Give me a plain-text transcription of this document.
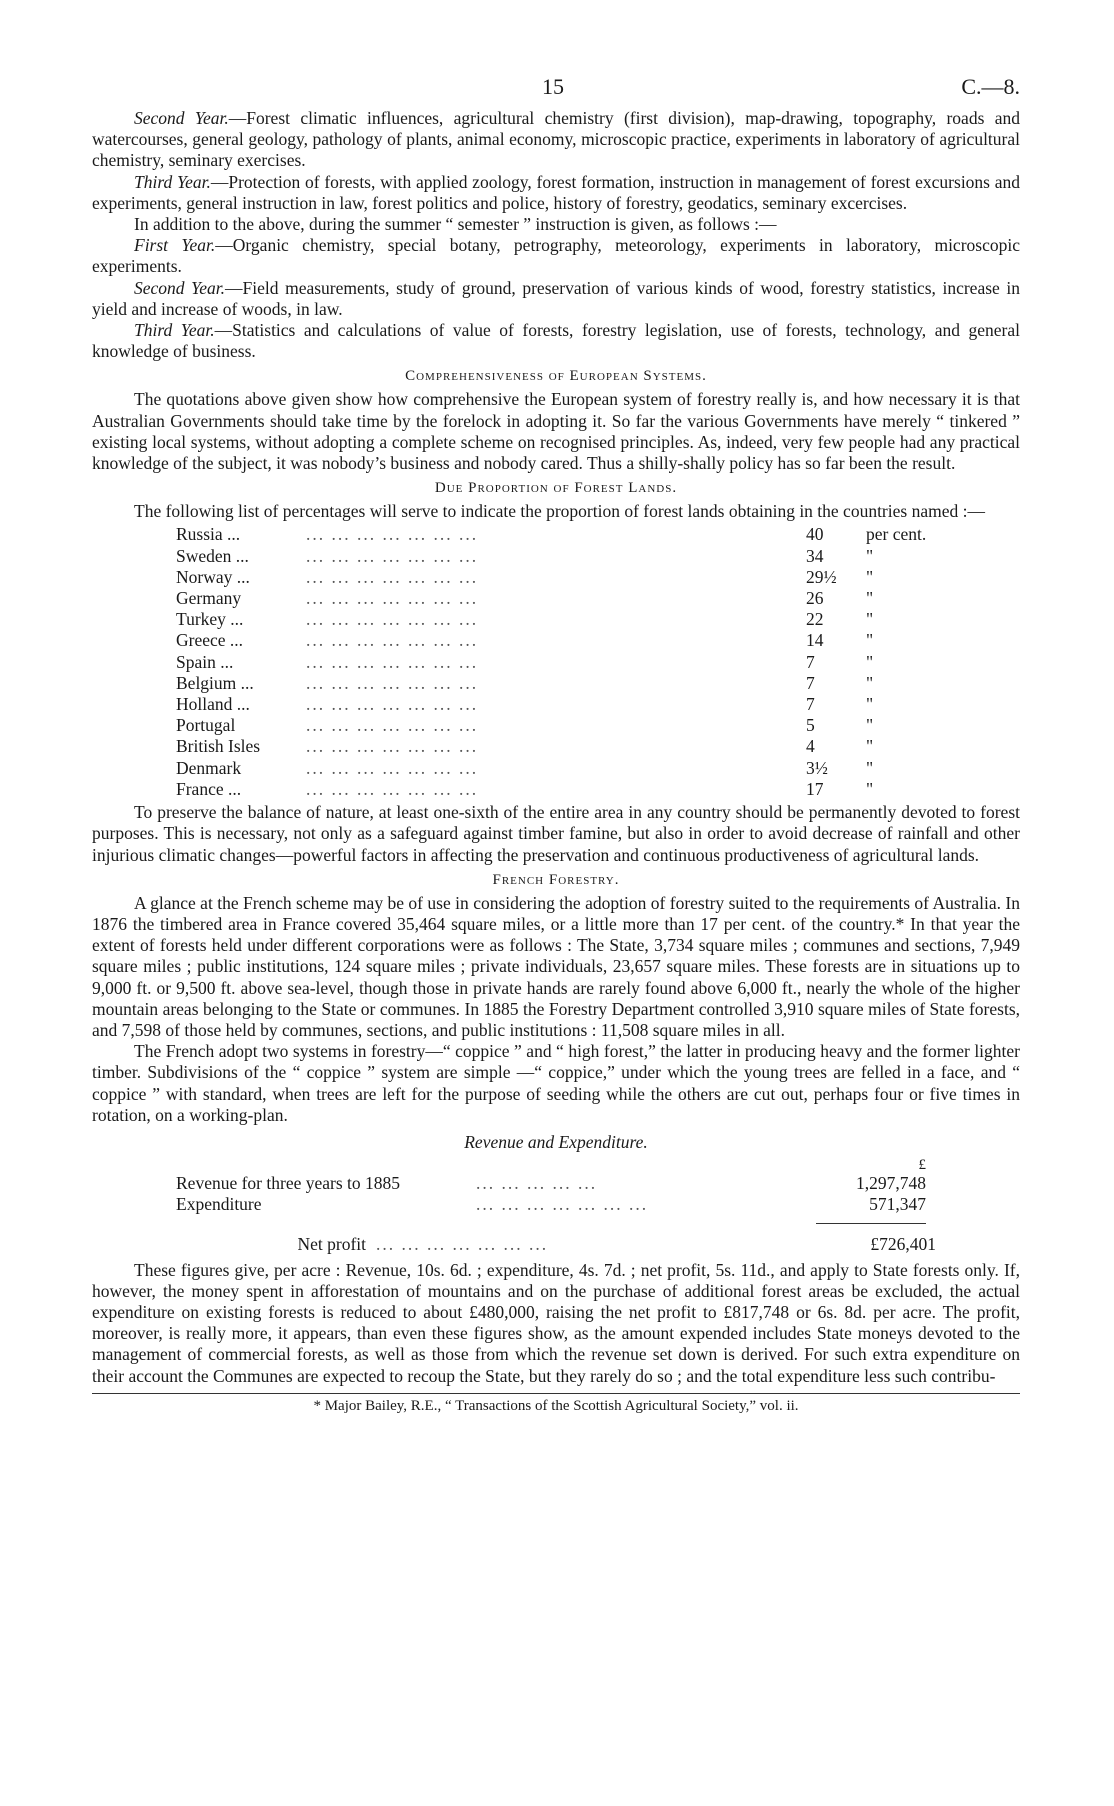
15	C.—8.

Second Year.—Forest climatic influences, agricultural chemistry (first division), map-drawing, topography, roads and watercourses, general geology, pathology of plants, animal economy, microscopic practice, experiments in laboratory of agricultural chemistry, seminary exercises.

Third Year.—Protection of forests, with applied zoology, forest formation, instruction in management of forest excursions and experiments, general instruction in law, forest politics and police, history of forestry, geodatics, seminary excercises.

In addition to the above, during the summer “ semester ” instruction is given, as follows :—

First Year.—Organic chemistry, special botany, petrography, meteorology, experiments in laboratory, microscopic experiments.

Second Year.—Field measurements, study of ground, preservation of various kinds of wood, forestry statistics, increase in yield and increase of woods, in law.

Third Year.—Statistics and calculations of value of forests, forestry legislation, use of forests, technology, and general knowledge of business.

Comprehensiveness of European Systems.

The quotations above given show how comprehensive the European system of forestry really is, and how necessary it is that Australian Governments should take time by the forelock in adopting it. So far the various Governments have merely “ tinkered ” existing local systems, without adopting a complete scheme on recognised principles. As, indeed, very few people had any practical knowledge of the subject, it was nobody’s business and nobody cared. Thus a shilly-shally policy has so far been the result.

Due Proportion of Forest Lands.

The following list of percentages will serve to indicate the proportion of forest lands obtaining in the countries named :—

Russia ...	... ... ... ... ... ... ...	40	per cent.
Sweden ...	... ... ... ... ... ... ...	34	"
Norway ...	... ... ... ... ... ... ...	29½	"
Germany	... ... ... ... ... ... ...	26	"
Turkey ...	... ... ... ... ... ... ...	22	"
Greece ...	... ... ... ... ... ... ...	14	"
Spain ...	... ... ... ... ... ... ...	7	"
Belgium ...	... ... ... ... ... ... ...	7	"
Holland ...	... ... ... ... ... ... ...	7	"
Portugal	... ... ... ... ... ... ...	5	"
British Isles	... ... ... ... ... ... ...	4	"
Denmark	... ... ... ... ... ... ...	3½	"
France ...	... ... ... ... ... ... ...	17	"

To preserve the balance of nature, at least one-sixth of the entire area in any country should be permanently devoted to forest purposes. This is necessary, not only as a safeguard against timber famine, but also in order to avoid decrease of rainfall and other injurious climatic changes—powerful factors in affecting the preservation and continuous productiveness of agricultural lands.

French Forestry.

A glance at the French scheme may be of use in considering the adoption of forestry suited to the requirements of Australia. In 1876 the timbered area in France covered 35,464 square miles, or a little more than 17 per cent. of the country.* In that year the extent of forests held under different corporations were as follows : The State, 3,734 square miles ; communes and sections, 7,949 square miles ; public institutions, 124 square miles ; private individuals, 23,657 square miles. These forests are in situations up to 9,000 ft. or 9,500 ft. above sea-level, though those in private hands are rarely found above 6,000 ft., nearly the whole of the higher mountain areas belonging to the State or communes. In 1885 the Forestry Department controlled 3,910 square miles of State forests, and 7,598 of those held by communes, sections, and public institutions : 11,508 square miles in all.

The French adopt two systems in forestry—“ coppice ” and “ high forest,” the latter in producing heavy and the former lighter timber. Subdivisions of the “ coppice ” system are simple —“ coppice,” under which the young trees are felled in a face, and “ coppice ” with standard, when trees are left for the purpose of seeding while the others are cut out, perhaps four or five times in rotation, on a working-plan.

Revenue and Expenditure.
£
Revenue for three years to 1885	... ... ... ... ...	1,297,748
Expenditure	... ... ... ... ... ... ...	571,347
Net profit ... ... ... ... ... ... ...	£726,401

These figures give, per acre : Revenue, 10s. 6d. ; expenditure, 4s. 7d. ; net profit, 5s. 11d., and apply to State forests only. If, however, the money spent in afforestation of mountains and on the purchase of additional forest areas be excluded, the actual expenditure on existing forests is reduced to about £480,000, raising the net profit to £817,748 or 6s. 8d. per acre. The profit, moreover, is really more, it appears, than even these figures show, as the amount expended includes State moneys devoted to the management of commercial forests, as well as those from which the revenue set down is derived. For such extra expenditure on their account the Communes are expected to recoup the State, but they rarely do so ; and the total expenditure less such contribu-

* Major Bailey, R.E., “ Transactions of the Scottish Agricultural Society,” vol. ii.
